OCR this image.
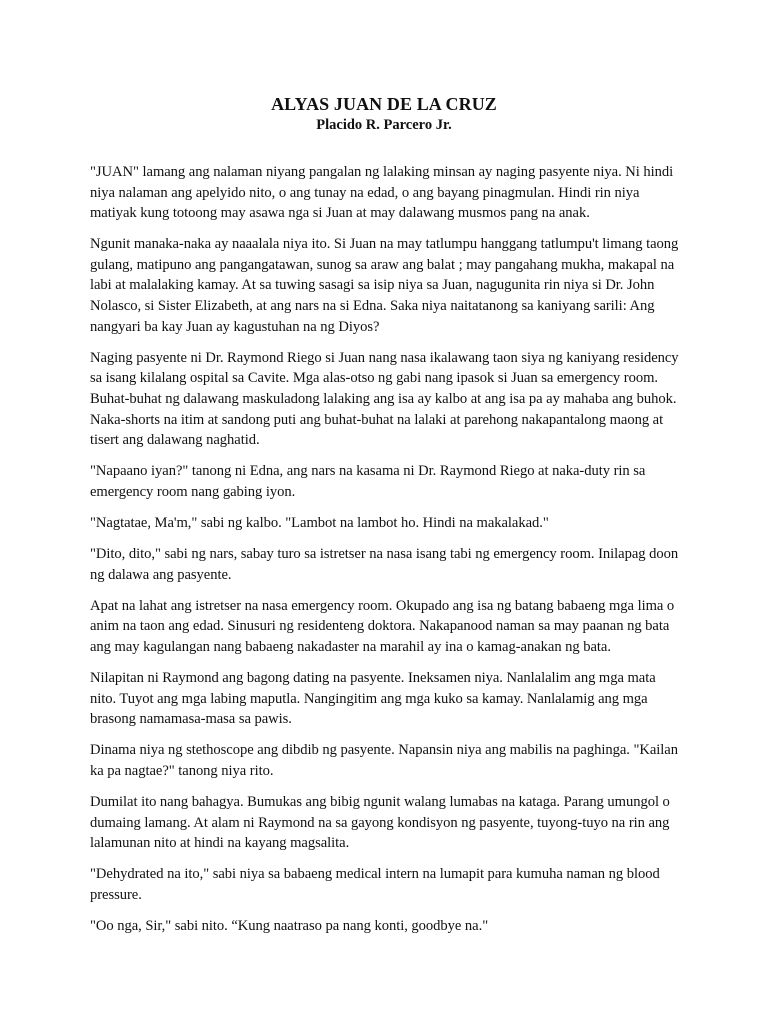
ALYAS JUAN DE LA CRUZ
Placido R. Parcero Jr.

"JUAN" lamang ang nalaman niyang pangalan ng lalaking minsan ay naging pasyente niya. Ni hindi niya nalaman ang apelyido nito, o ang tunay na edad, o ang bayang pinagmulan. Hindi rin niya matiyak kung totoong may asawa nga si Juan at may dalawang musmos pang na anak.

Ngunit manaka-naka ay naaalala niya ito. Si Juan na may tatlumpu hanggang tatlumpu't limang taong gulang, matipuno ang pangangatawan, sunog sa araw ang balat ; may pangahang mukha, makapal na labi at malalaking kamay. At sa tuwing sasagi sa isip niya sa Juan, nagugunita rin niya si Dr. John Nolasco, si Sister Elizabeth, at ang nars na si Edna. Saka niya naitatanong sa kaniyang sarili: Ang nangyari ba kay Juan ay kagustuhan na ng Diyos?

Naging pasyente ni Dr. Raymond Riego si Juan nang nasa ikalawang taon siya ng kaniyang residency sa isang kilalang ospital sa Cavite. Mga alas-otso ng gabi nang ipasok si Juan sa emergency room. Buhat-buhat ng dalawang maskuladong lalaking ang isa ay kalbo at ang isa pa ay mahaba ang buhok. Naka-shorts na itim at sandong puti ang buhat-buhat na lalaki at parehong nakapantalong maong at tisert ang dalawang naghatid.

"Napaano iyan?" tanong ni Edna, ang nars na kasama ni Dr. Raymond Riego at naka-duty rin sa emergency room nang gabing iyon.

"Nagtatae, Ma'm," sabi ng kalbo. "Lambot na lambot ho. Hindi na makalakad."

"Dito, dito," sabi ng nars, sabay turo sa istretser na nasa isang tabi ng emergency room. Inilapag doon ng dalawa ang pasyente.

Apat na lahat ang istretser na nasa emergency room. Okupado ang isa ng batang babaeng mga lima o anim na taon ang edad. Sinusuri ng residenteng doktora. Nakapanood naman sa may paanan ng bata ang may kagulangan nang babaeng nakadaster na marahil ay ina o kamag-anakan ng bata.

Nilapitan ni Raymond ang bagong dating na pasyente. Ineksamen niya. Nanlalalim ang mga mata nito. Tuyot ang mga labing maputla. Nangingitim ang mga kuko sa kamay. Nanlalamig ang mga brasong namamasa-masa sa pawis.

Dinama niya ng stethoscope ang dibdib ng pasyente. Napansin niya ang mabilis na paghinga. "Kailan ka pa nagtae?" tanong niya rito.

Dumilat ito nang bahagya. Bumukas ang bibig ngunit walang lumabas na kataga. Parang umungol o dumaing lamang. At alam ni Raymond na sa gayong kondisyon ng pasyente, tuyong-tuyo na rin ang lalamunan nito at hindi na kayang magsalita.

"Dehydrated na ito," sabi niya sa babaeng medical intern na lumapit para kumuha naman ng blood pressure.

"Oo nga, Sir," sabi nito. “Kung naatraso pa nang konti, goodbye na."
